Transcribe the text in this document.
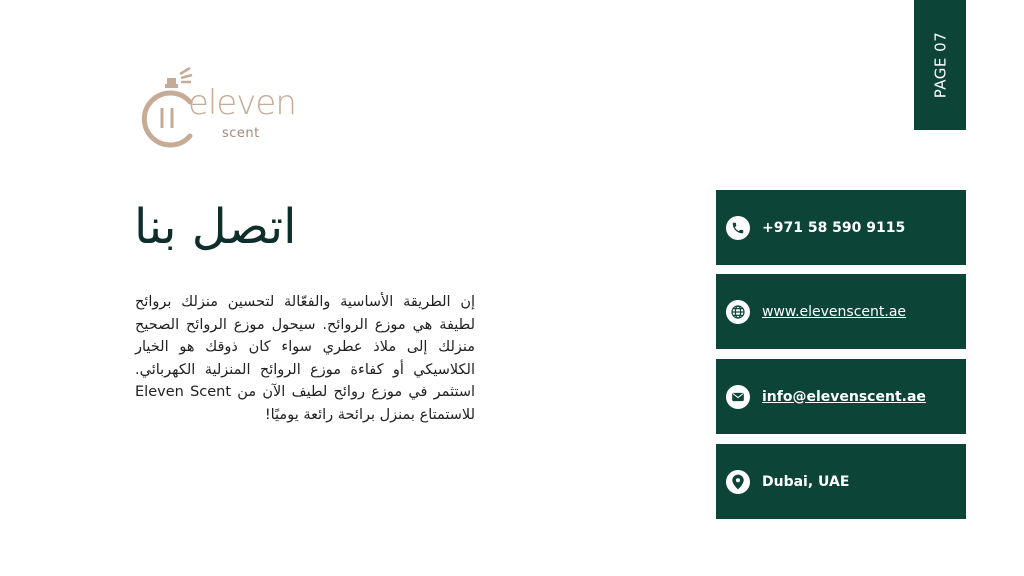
PAGE 07
eleven
scent
اتصل بنا
إن الطريقة الأساسية والفعّالة لتحسين منزلك بروائح لطيفة هي موزع الروائح. سيحول موزع الروائح الصحيح منزلك إلى ملاذ عطري سواء كان ذوقك هو الخيار الكلاسيكي أو كفاءة موزع الروائح المنزلية الكهربائي. استثمر في موزع روائح لطيف الآن من Eleven Scent للاستمتاع بمنزل برائحة رائعة يوميًا!
+971 58 590 9115
www.elevenscent.ae
info@elevenscent.ae
Dubai, UAE
